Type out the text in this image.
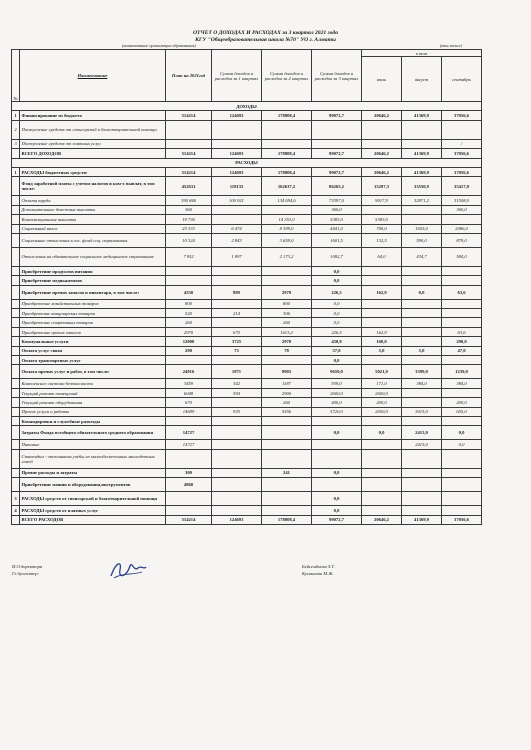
ОТЧЕТ О ДОХОДАХ И РАСХОДАХ за 3 квартал 2021 года
КГУ "Общеобразовательная школа №70" УО г. Алматы
(наименование организации образования)	(тыс.тенге)
№	Наименование	План на 2021год	Сумма доходов и расходов за 1 квартал	Сумма доходов и расходов за 2 квартал	Сумма доходов и расходов за 3 квартал	в том		
						июль	август	сентябрь
ДОХОДЫ								
1	Финансирование из бюджета	514214	124693	178808,4	99072,7	20646,2	41369,9	37056,6
2	Поступление средств от спонсорской и благотворительной помощи							
3	Поступление средств от платных услуг							/
	ВСЕГО ДОХОДОВ	514214	124693	178808,4	99072,7	20646,2	41369,9	37056,6
РАСХОДЫ								
1	РАСХОДЫ бюджетных средств:	514214	124693	178808,4	99072,7	20646,2	41369,9	37056,6
	Фонд заработной платы с учетом налогов и ком-х выплат, в том числе:	452631	118135	162637,2	86265,2	15297,3	33550,9	35417,0
	Оплата труда	390 846	100 921	134 694,6	73397,0	9017,9	32871,2	31508,0
	Дополнительные денежные выплаты	360			360,0			360,0
	Компенсационные выплаты	19 736		14 353,0	5383,0	5383,0		
	Социальный налог	25 333	6 474	8 399,0	4441,0	700,0	1655,0	2086,0
	Социальные отчисления в гос. фонд соц. страхования	10 324	2 843	3 659,0	1601,5	132,5	590,0	879,0
	Отчисления на обязательное социальное медицинское страхование	7 952	1 897	2 173,2	1082,7	64,0	434,7	584,0
	Приобретение продуктов питания				0,0			
	Приобретение медикаментов				0,0			
	Приобретение прочих запасов и инвентаря, в том числе:	4550	889	2979	226,5	162,9	0,0	63,6
	Приобретение хозяйственных товаров	800		800	0,0			
	Приобретение канцелярских товаров	520	214	306	0,0			
	Приобретение спортивных товаров	260		260	0,0			
	Приобретение прочих запасов	2970	675	1613,2	226,5	162,9		63,6
	Коммунальные услуги	12000	3725	2970	450,0	160,0		290,0
	Оплата услуг связи	290	73	78	57,0	5,0	5,0	47,0
	Оплата транспортных услуг				0,0			
	Оплата прочих услуг и работ, в том числе:	24916	1871	9903	9659,0	5021,0	3399,0	1239,0
	Комплексное система безопасности	3459	342	1187	939,0	171,0	384,0	384,0
	Текущий ремонт помещений	6048	594	2900	2600,0	2600,0		
	Текущий ремонт оборудования	670		260	400,0	200,0		200,0
	Прочие услуги и работы	14699	935	5556	5720,0	2050,0	3015,0	655,0
	Командировки и служебные разъезды							
	Затраты Фонда всеобщего обязательного среднего образования	14727			0,0	0,0	2415,0	0,0
	Питание	14727					2415,0	0,0
	Стипендии - отличникам учебы из малообеспеченных многодетных семей							
	Прочие расходы и затраты	300		241	0,0			
	Приобретение машин и оборудования,инструментов	4860						
3	РАСХОДЫ средств от спонсорской и благотворительной помощи				0,0			
4	РАСХОДЫ средств от платных услуг				0,0			
	ВСЕГО РАСХОДОВ	514214	124693	178808,4	99072,7	20646,2	41369,9	37056,6
И.О.директора
Гл.бухгалтер:
Бейсембаева З.Т.
Кусаинова М.Ж.
